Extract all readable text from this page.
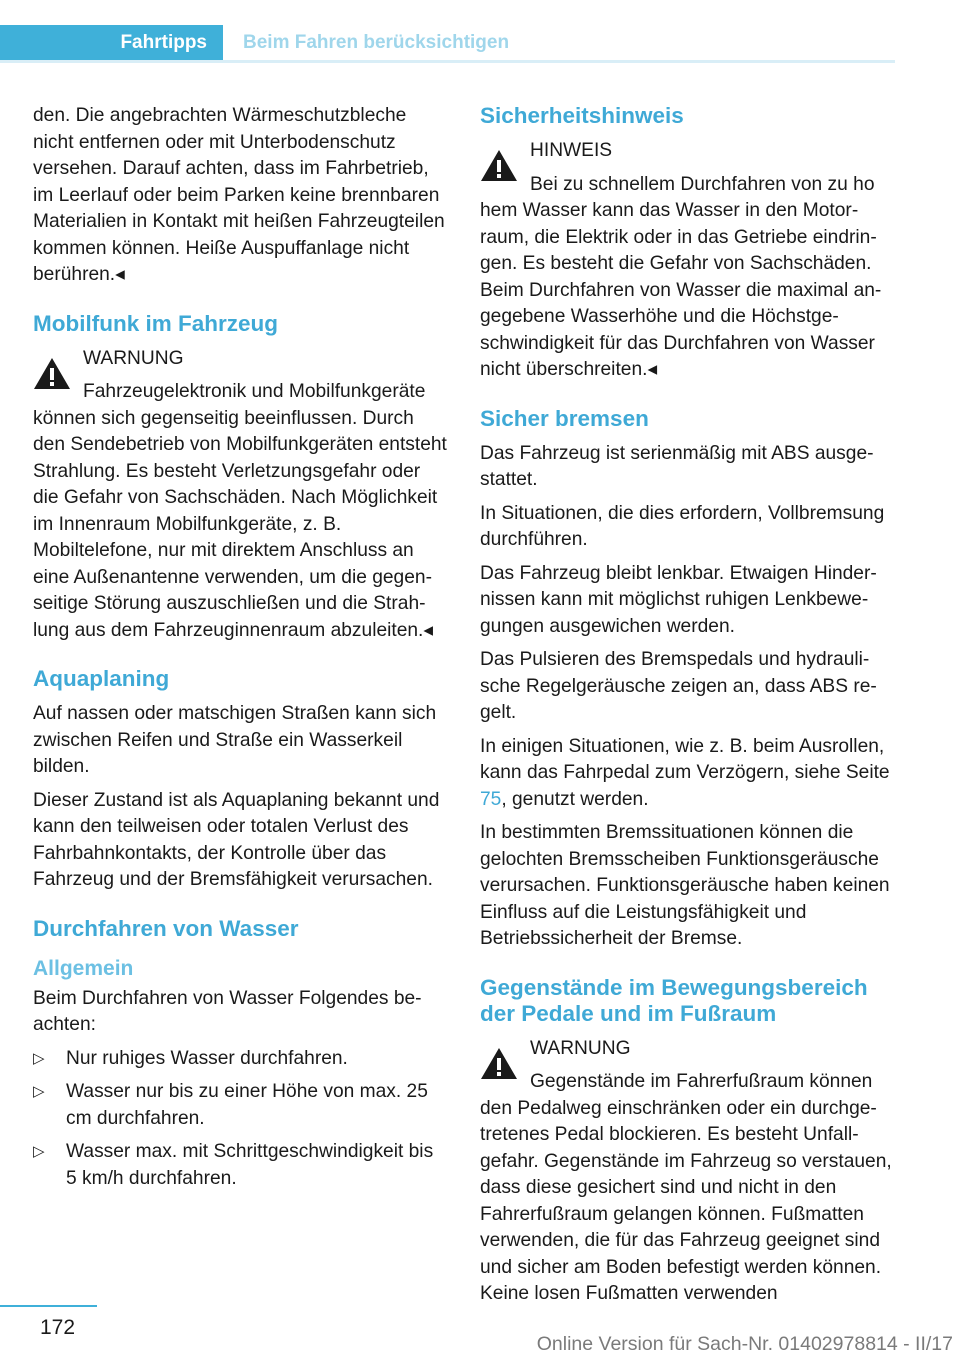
Fahrtipps	Beim Fahren berücksichtigen

den. Die angebrachten Wärmeschutzbleche nicht entfernen oder mit Unterbodenschutz versehen. Darauf achten, dass im Fahrbetrieb, im Leerlauf oder beim Parken keine brennbaren Materialien in Kontakt mit heißen Fahrzeugteilen kommen können. Heiße Auspuffanlage nicht berühren.◂

Mobilfunk im Fahrzeug
WARNUNG
Fahrzeugelektronik und Mobilfunkgeräte
können sich gegenseitig beeinflussen. Durch den Sendebetrieb von Mobilfunkgeräten entsteht Strahlung. Es besteht Verletzungsgefahr oder die Gefahr von Sachschäden. Nach Möglichkeit im Innenraum Mobilfunkgeräte, z. B. Mobiltelefone, nur mit direktem Anschluss an eine Außenantenne verwenden, um die gegenseitige Störung auszuschließen und die Strahlung aus dem Fahrzeuginnenraum abzuleiten.◂
Aquaplaning

Auf nassen oder matschigen Straßen kann sich zwischen Reifen und Straße ein Wasserkeil bilden.

Dieser Zustand ist als Aquaplaning bekannt und kann den teilweisen oder totalen Verlust des Fahrbahnkontakts, der Kontrolle über das Fahrzeug und der Bremsfähigkeit verursachen.

Durchfahren von Wasser
Allgemein

Beim Durchfahren von Wasser Folgendes beachten:

▷ Nur ruhiges Wasser durchfahren.
▷ Wasser nur bis zu einer Höhe von max. 25 cm durchfahren.
▷ Wasser max. mit Schrittgeschwindigkeit bis 5 km/h durchfahren.
Sicherheitshinweis
HINWEIS
Bei zu schnellem Durchfahren von zu ho
hem Wasser kann das Wasser in den Motorraum, die Elektrik oder in das Getriebe eindringen. Es besteht die Gefahr von Sachschäden. Beim Durchfahren von Wasser die maximal angegebene Wasserhöhe und die Höchstgeschwindigkeit für das Durchfahren von Wasser nicht überschreiten.◂
Sicher bremsen

Das Fahrzeug ist serienmäßig mit ABS ausgestattet.

In Situationen, die dies erfordern, Vollbremsung durchführen.

Das Fahrzeug bleibt lenkbar. Etwaigen Hindernissen kann mit möglichst ruhigen Lenkbewegungen ausgewichen werden.

Das Pulsieren des Bremspedals und hydraulische Regelgeräusche zeigen an, dass ABS regelt.

In einigen Situationen, wie z. B. beim Ausrollen, kann das Fahrpedal zum Verzögern, siehe Seite 75, genutzt werden.

In bestimmten Bremssituationen können die gelochten Bremsscheiben Funktionsgeräusche verursachen. Funktionsgeräusche haben keinen Einfluss auf die Leistungsfähigkeit und Betriebssicherheit der Bremse.

Gegenstände im Bewegungsbereich der Pedale und im Fußraum
WARNUNG
Gegenstände im Fahrerfußraum können
den Pedalweg einschränken oder ein durchgetretenes Pedal blockieren. Es besteht Unfallgefahr. Gegenstände im Fahrzeug so verstauen, dass diese gesichert sind und nicht in den Fahrerfußraum gelangen können. Fußmatten verwenden, die für das Fahrzeug geeignet sind und sicher am Boden befestigt werden können. Keine losen Fußmatten verwenden
172
Online Version für Sach-Nr. 01402978814 - II/17
